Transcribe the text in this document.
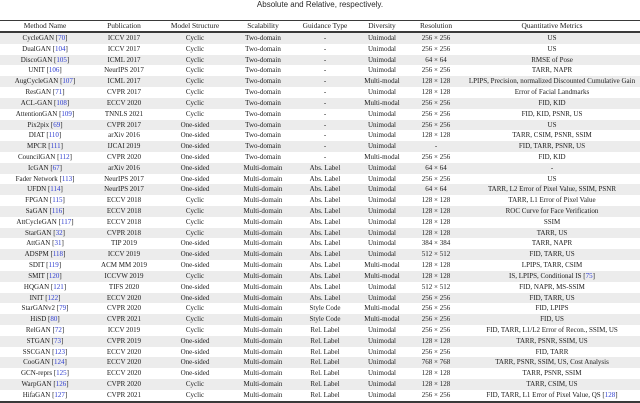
Absolute and Relative, respectively.
Method Name	Publication	Model Structure	Scalability	Guidance Type	Diversity	Resolution	Quantitative Metrics
CycleGAN [70]	ICCV 2017	Cyclic	Two-domain	-	Unimodal	256 × 256	US
DualGAN [104]	ICCV 2017	Cyclic	Two-domain	-	Unimodal	256 × 256	US
DiscoGAN [105]	ICML 2017	Cyclic	Two-domain	-	Unimodal	64 × 64	RMSE of Pose
UNIT [106]	NeurIPS 2017	Cyclic	Two-domain	-	Unimodal	256 × 256	TARR, NAPR
AugCycleGAN [107]	ICML 2017	Cyclic	Two-domain	-	Multi-modal	128 × 128	LPIPS, Precision, normalized Discounted Cumulative Gain
ResGAN [71]	CVPR 2017	Cyclic	Two-domain	-	Unimodal	128 × 128	Error of Facial Landmarks
ACL-GAN [108]	ECCV 2020	Cyclic	Two-domain	-	Multi-modal	256 × 256	FID, KID
AttentionGAN [109]	TNNLS 2021	Cyclic	Two-domain	-	Unimodal	256 × 256	FID, KID, PSNR, US
Pix2pix [69]	CVPR 2017	One-sided	Two-domain	-	Unimodal	256 × 256	US
DIAT [110]	arXiv 2016	One-sided	Two-domain	-	Unimodal	128 × 128	TARR, CSIM, PSNR, SSIM
MPCR [111]	IJCAI 2019	One-sided	Two-domain	-	Unimodal	-	FID, TARR, PSNR, US
CouncilGAN [112]	CVPR 2020	One-sided	Two-domain	-	Multi-modal	256 × 256	FID, KID
IcGAN [67]	arXiv 2016	One-sided	Multi-domain	Abs. Label	Unimodal	64 × 64	-
Fader Network [113]	NeurIPS 2017	One-sided	Multi-domain	Abs. Label	Unimodal	256 × 256	US
UFDN [114]	NeurIPS 2017	One-sided	Multi-domain	Abs. Label	Unimodal	64 × 64	TARR, L2 Error of Pixel Value, SSIM, PSNR
FPGAN [115]	ECCV 2018	Cyclic	Multi-domain	Abs. Label	Unimodal	128 × 128	TARR, L1 Error of Pixel Value
SaGAN [116]	ECCV 2018	Cyclic	Multi-domain	Abs. Label	Unimodal	128 × 128	ROC Curve for Face Verification
AttCycleGAN [117]	ECCV 2018	Cyclic	Multi-domain	Abs. Label	Unimodal	128 × 128	SSIM
StarGAN [32]	CVPR 2018	Cyclic	Multi-domain	Abs. Label	Unimodal	128 × 128	TARR, US
AttGAN [31]	TIP 2019	One-sided	Multi-domain	Abs. Label	Unimodal	384 × 384	TARR, NAPR
ADSPM [118]	ICCV 2019	One-sided	Multi-domain	Abs. Label	Unimodal	512 × 512	FID, TARR, US
SDIT [119]	ACM MM 2019	One-sided	Multi-domain	Abs. Label	Multi-modal	128 × 128	LPIPS, TARR, CSIM
SMIT [120]	ICCVW 2019	Cyclic	Multi-domain	Abs. Label	Multi-modal	128 × 128	IS, LPIPS, Conditional IS [75]
HQGAN [121]	TIFS 2020	One-sided	Multi-domain	Abs. Label	Unimodal	512 × 512	FID, NAPR, MS-SSIM
INIT [122]	ECCV 2020	One-sided	Multi-domain	Abs. Label	Unimodal	256 × 256	FID, TARR, US
StarGANv2 [79]	CVPR 2020	Cyclic	Multi-domain	Style Code	Multi-modal	256 × 256	FID, LPIPS
HiSD [80]	CVPR 2021	Cyclic	Multi-domain	Style Code	Multi-modal	256 × 256	FID, US
RelGAN [72]	ICCV 2019	Cyclic	Multi-domain	Rel. Label	Unimodal	256 × 256	FID, TARR, L1/L2 Error of Recon., SSIM, US
STGAN [73]	CVPR 2019	One-sided	Multi-domain	Rel. Label	Unimodal	128 × 128	TARR, PSNR, SSIM, US
SSCGAN [123]	ECCV 2020	One-sided	Multi-domain	Rel. Label	Unimodal	256 × 256	FID, TARR
CooGAN [124]	ECCV 2020	One-sided	Multi-domain	Rel. Label	Unimodal	768 × 768	TARR, PSNR, SSIM, US, Cost Analysis
GCN-reprs [125]	ECCV 2020	One-sided	Multi-domain	Rel. Label	Unimodal	128 × 128	TARR, PSNR, SSIM
WarpGAN [126]	CVPR 2020	Cyclic	Multi-domain	Rel. Label	Unimodal	128 × 128	TARR, CSIM, US
HifaGAN [127]	CVPR 2021	Cyclic	Multi-domain	Rel. Label	Unimodal	256 × 256	FID, TARR, L1 Error of Pixel Value, QS [128]
